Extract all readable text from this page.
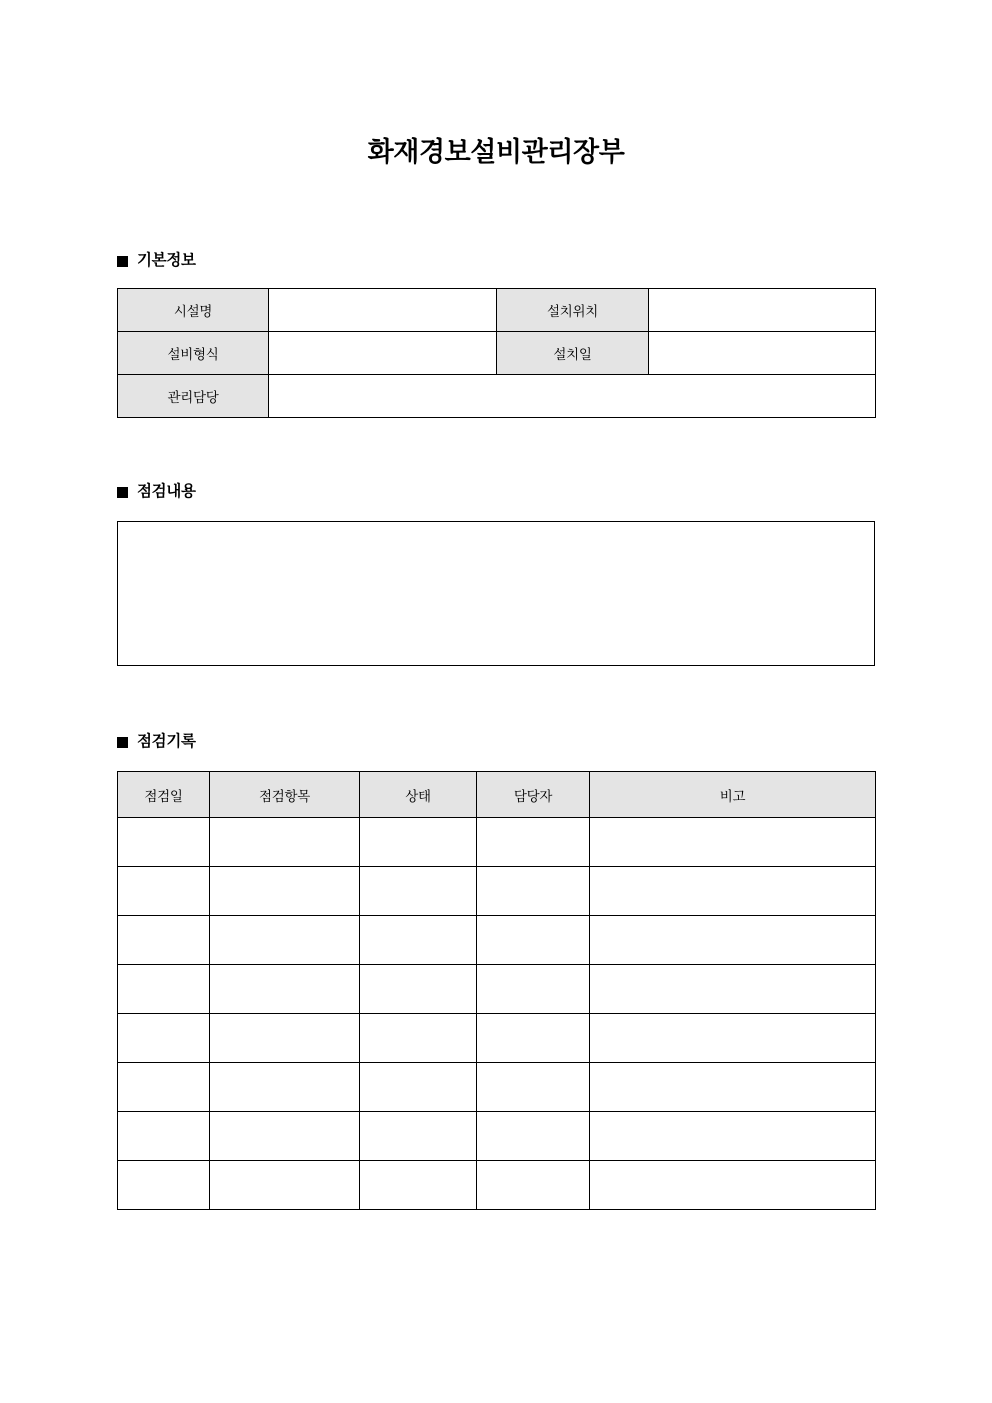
화재경보설비관리장부
기본정보
시설명		설치위치	
설비형식		설치일	
관리담당			
점검내용
점검기록
점검일	점검항목	상태	담당자	비고
